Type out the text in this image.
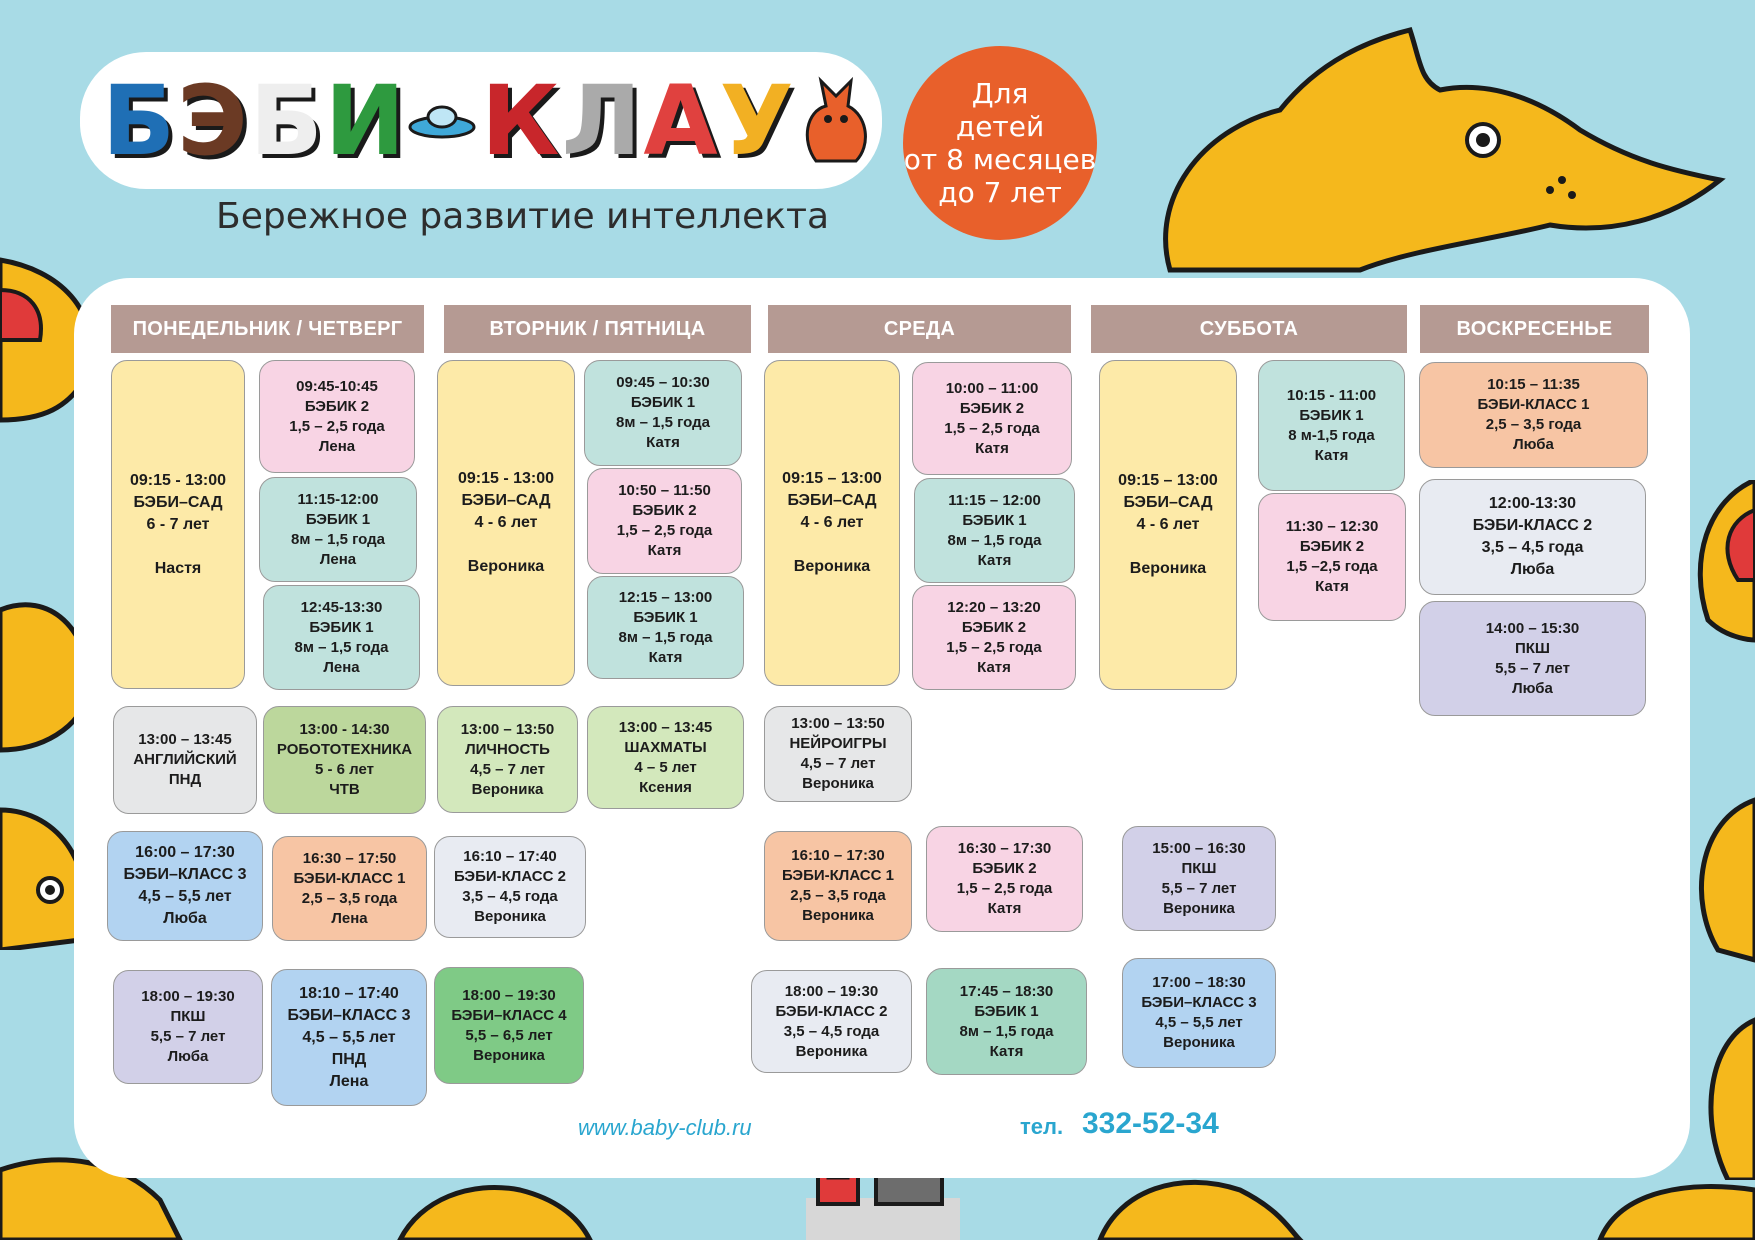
Б Э Б И К Л А У
Бережное развитие интеллекта
Для
детей
от 8 месяцев
до 7 лет
ПОНЕДЕЛЬНИК / ЧЕТВЕРГ	ВТОРНИК / ПЯТНИЦА	СРЕДА	СУББОТА	ВОСКРЕСЕНЬЕ
09:15 - 13:00
БЭБИ–САД
6 - 7 лет
Настя
09:45-10:45
БЭБИК 2
1,5 – 2,5 года
Лена
11:15-12:00
БЭБИК 1
8м – 1,5 года
Лена
12:45-13:30
БЭБИК 1
8м – 1,5 года
Лена
09:15 - 13:00
БЭБИ–САД
4 - 6 лет
Вероника
09:45 – 10:30
БЭБИК 1
8м – 1,5 года
Катя
10:50 – 11:50
БЭБИК 2
1,5 – 2,5 года
Катя
12:15 – 13:00
БЭБИК 1
8м – 1,5 года
Катя
09:15 – 13:00
БЭБИ–САД
4 - 6 лет
Вероника
10:00 – 11:00
БЭБИК 2
1,5 – 2,5 года
Катя
11:15 – 12:00
БЭБИК 1
8м – 1,5 года
Катя
12:20 – 13:20
БЭБИК 2
1,5 – 2,5 года
Катя
09:15 – 13:00
БЭБИ–САД
4 - 6 лет
Вероника
10:15 - 11:00
БЭБИК 1
8 м-1,5 года
Катя
11:30 – 12:30
БЭБИК 2
1,5 –2,5 года
Катя
10:15 – 11:35
БЭБИ-КЛАСС 1
2,5 – 3,5 года
Люба
12:00-13:30
БЭБИ-КЛАСС 2
3,5 – 4,5 года
Люба
14:00 – 15:30
ПКШ
5,5 – 7 лет
Люба
13:00 – 13:45
АНГЛИЙСКИЙ
ПНД
13:00 - 14:30
РОБОТОТЕХНИКА
5 - 6 лет
ЧТВ
13:00 – 13:50
ЛИЧНОСТЬ
4,5 – 7 лет
Вероника
13:00 – 13:45
ШАХМАТЫ
4 – 5 лет
Ксения
13:00 – 13:50
НЕЙРОИГРЫ
4,5 – 7 лет
Вероника
16:00 – 17:30
БЭБИ–КЛАСС 3
4,5 – 5,5 лет
Люба
16:30 – 17:50
БЭБИ-КЛАСС 1
2,5 – 3,5 года
Лена
16:10 – 17:40
БЭБИ-КЛАСС 2
3,5 – 4,5 года
Вероника
16:10 – 17:30
БЭБИ-КЛАСС 1
2,5 – 3,5 года
Вероника
16:30 – 17:30
БЭБИК 2
1,5 – 2,5 года
Катя
15:00 – 16:30
ПКШ
5,5 – 7 лет
Вероника
18:00 – 19:30
ПКШ
5,5 – 7 лет
Люба
18:10 – 17:40
БЭБИ–КЛАСС 3
4,5 – 5,5 лет
ПНД
Лена
18:00 – 19:30
БЭБИ–КЛАСС 4
5,5 – 6,5 лет
Вероника
18:00 – 19:30
БЭБИ-КЛАСС 2
3,5 – 4,5 года
Вероника
17:45 – 18:30
БЭБИК 1
8м – 1,5 года
Катя
17:00 – 18:30
БЭБИ–КЛАСС 3
4,5 – 5,5 лет
Вероника
www.baby-club.ru	тел. 332-52-34
